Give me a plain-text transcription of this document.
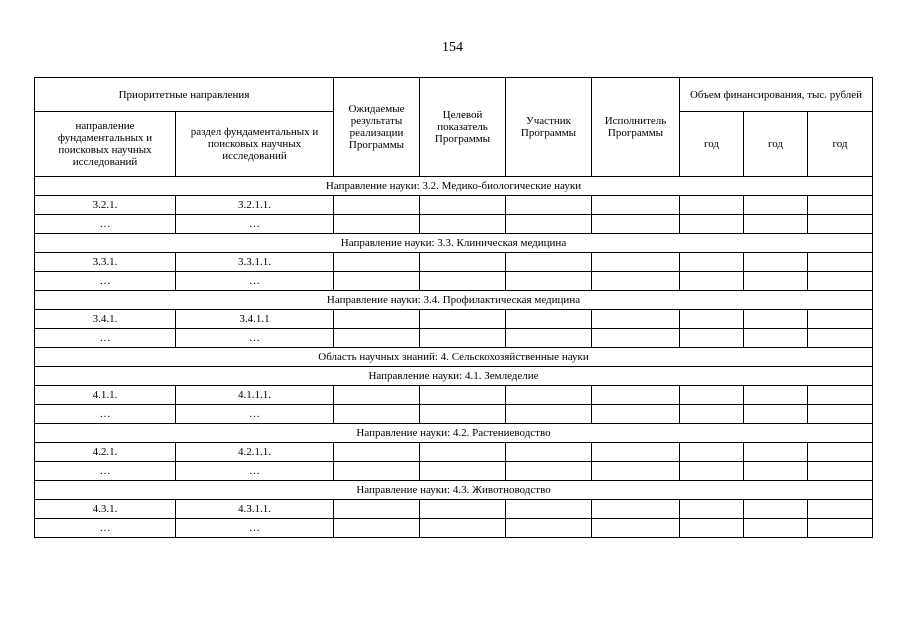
154
Приоритетные направления		Ожидаемые результаты реализации Программы	Целевой показатель Программы	Участник Программы	Исполнитель Программы	Объем финансирования, тыс. рублей		
направление фундаментальных и поисковых научных исследований	раздел фундаментальных и поисковых научных исследований					год	год	год
Направление науки: 3.2. Медико-биологические науки								
3.2.1.	3.2.1.1.							
…	…							
Направление науки: 3.3. Клиническая медицина								
3.3.1.	3.3.1.1.							
…	…							
Направление науки: 3.4. Профилактическая медицина								
3.4.1.	3.4.1.1							
…	…							
Область научных знаний: 4. Сельскохозяйственные науки								
Направление науки: 4.1. Земледелие								
4.1.1.	4.1.1.1.							
…	…							
Направление науки: 4.2. Растениеводство								
4.2.1.	4.2.1.1.							
…	…							
Направление науки: 4.3. Животноводство								
4.3.1.	4.3.1.1.							
…	…							
